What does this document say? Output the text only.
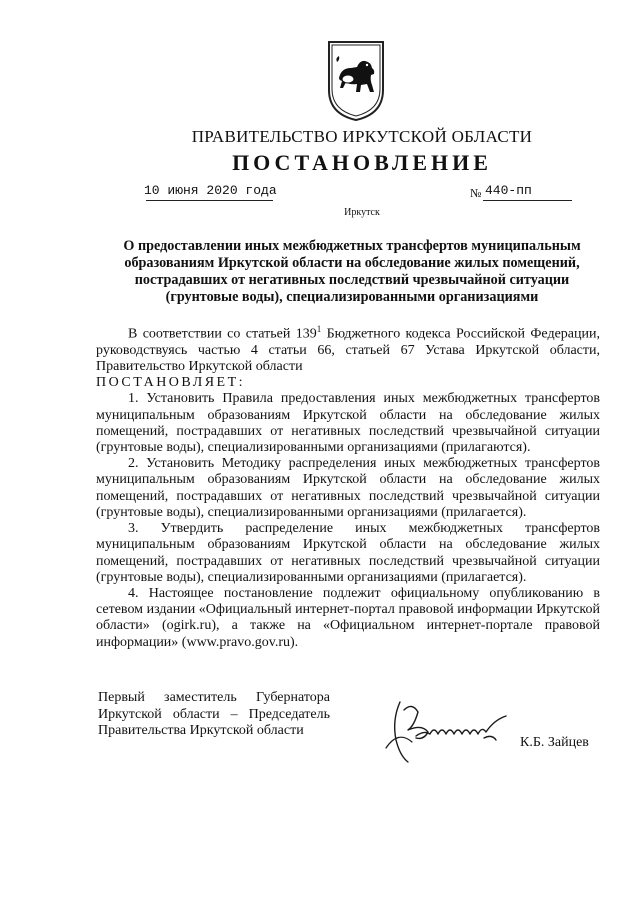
ПРАВИТЕЛЬСТВО ИРКУТСКОЙ ОБЛАСТИ
ПОСТАНОВЛЕНИЕ
10 июня 2020 года	№ 440-пп
Иркутск
О предоставлении иных межбюджетных трансфертов муниципальным образованиям Иркутской области на обследование жилых помещений, пострадавших от негативных последствий чрезвычайной ситуации (грунтовые воды), специализированными организациями

В соответствии со статьей $139^1$ Бюджетного кодекса Российской Федерации, руководствуясь частью 4 статьи 66, статьей 67 Устава Иркутской области, Правительство Иркутской области

ПОСТАНОВЛЯЕТ:

1. Установить Правила предоставления иных межбюджетных трансфертов муниципальным образованиям Иркутской области на обследование жилых помещений, пострадавших от негативных последствий чрезвычайной ситуации (грунтовые воды), специализированными организациями (прилагаются).

2. Установить Методику распределения иных межбюджетных трансфертов муниципальным образованиям Иркутской области на обследование жилых помещений, пострадавших от негативных последствий чрезвычайной ситуации (грунтовые воды), специализированными организациями (прилагается).

3. Утвердить распределение иных межбюджетных трансфертов муниципальным образованиям Иркутской области на обследование жилых помещений, пострадавших от негативных последствий чрезвычайной ситуации (грунтовые воды), специализированными организациями (прилагается).

4. Настоящее постановление подлежит официальному опубликованию в сетевом издании «Официальный интернет-портал правовой информации Иркутской области» (ogirk.ru), а также на «Официальном интернет-портале правовой информации» (www.pravo.gov.ru).

Первый заместитель Губернатора
Иркутской области – Председатель
Правительства Иркутской области
К.Б. Зайцев
